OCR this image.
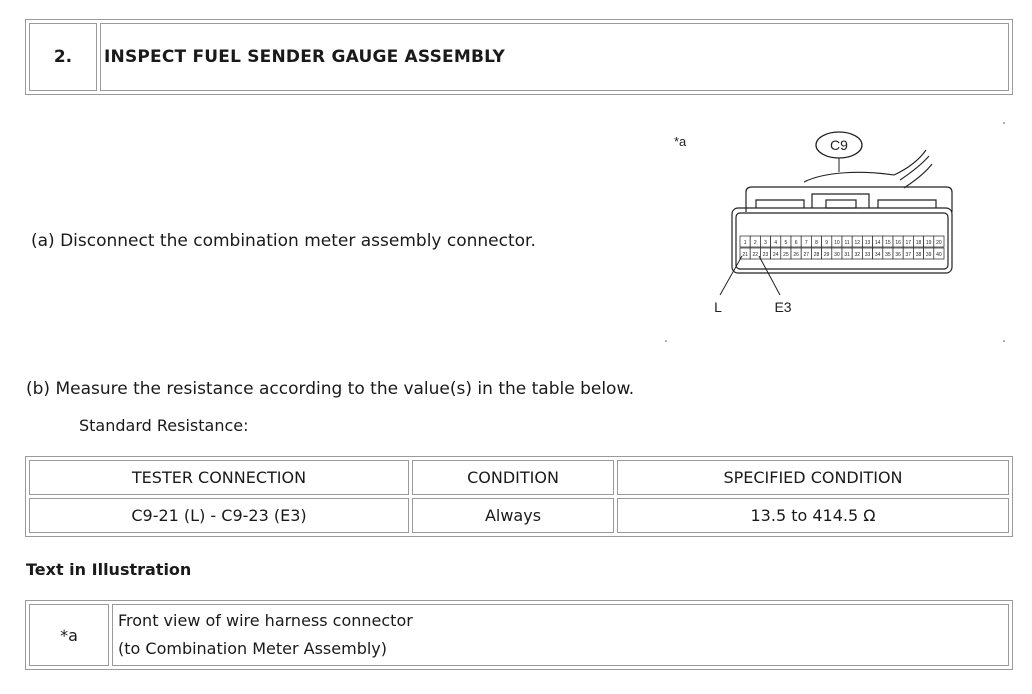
2.	INSPECT FUEL SENDER GAUGE ASSEMBLY
(a) Disconnect the combination meter assembly connector.
*a	C9
1 2 3 4 5 6 7 8 9 10 11 12 13 14 15 16 17 18 19 20
21 22 23 24 25 26 27 28 29 30 31 32 33 34 35 36 37 38 39 40
L	E3
(b) Measure the resistance according to the value(s) in the table below.
Standard Resistance:
TESTER CONNECTION	CONDITION	SPECIFIED CONDITION
C9-21 (L) - C9-23 (E3)	Always	13.5 to 414.5 Ω
Text in Illustration
*a	
Front view of wire harness connector
(to Combination Meter Assembly)
